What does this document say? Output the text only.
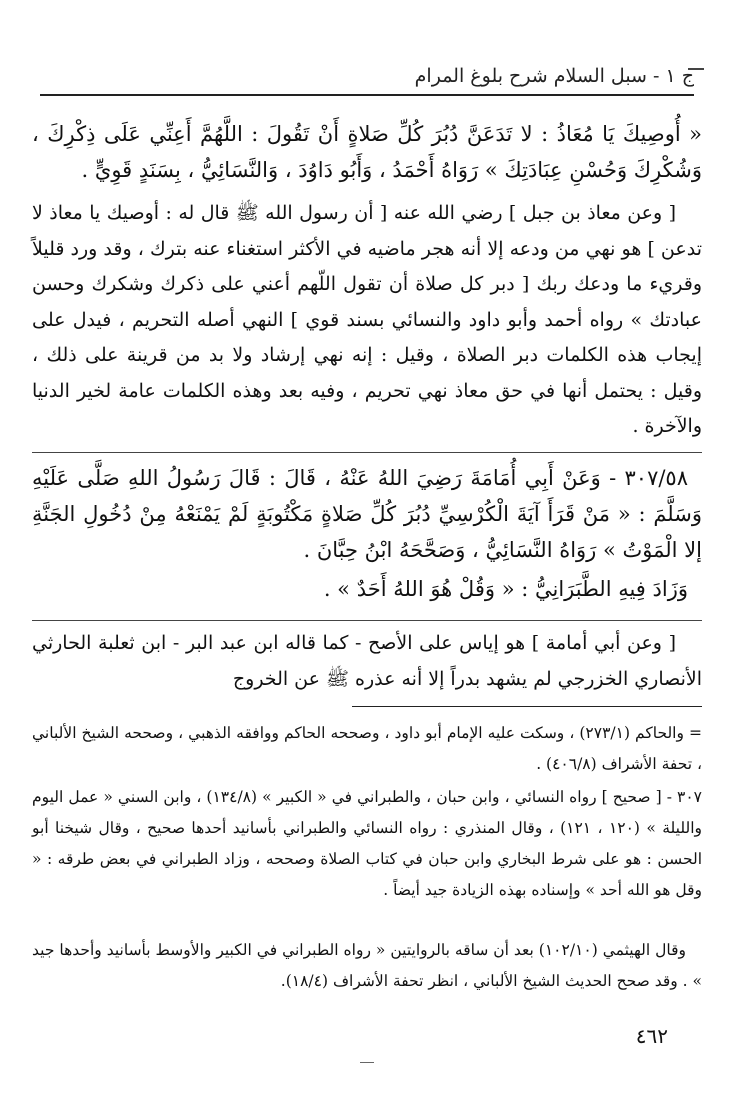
ج ١ - سبل السلام شرح بلوغ المرام

« أُوصِيكَ يَا مُعَاذُ : لا تَدَعَنَّ دُبُرَ كُلِّ صَلاةٍ أَنْ تَقُولَ : اللَّهُمَّ أَعِنِّي عَلَى ذِكْرِكَ ، وَشُكْرِكَ وَحُسْنِ عِبَادَتِكَ » رَوَاهُ أَحْمَدُ ، وَأَبُو دَاوُدَ ، وَالنَّسَائِيُّ ، بِسَنَدٍ قَوِيٍّ .

[ وعن معاذ بن جبل ] رضي الله عنه [ أن رسول الله ﷺ قال له : أوصيك يا معاذ لا تدعن ] هو نهي من ودعه إلا أنه هجر ماضيه في الأكثر استغناء عنه بترك ، وقد ورد قليلاً وقريء ما ودعك ربك [ دبر كل صلاة أن تقول اللّهم أعني على ذكرك وشكرك وحسن عبادتك » رواه أحمد وأبو داود والنسائي بسند قوي ] النهي أصله التحريم ، فيدل على إيجاب هذه الكلمات دبر الصلاة ، وقيل : إنه نهي إرشاد ولا بد من قرينة على ذلك ، وقيل : يحتمل أنها في حق معاذ نهي تحريم ، وفيه بعد وهذه الكلمات عامة لخير الدنيا والآخرة .

٣٠٧/٥٨ - وَعَنْ أَبِي أُمَامَةَ رَضِيَ اللهُ عَنْهُ ، قَالَ : قَالَ رَسُولُ اللهِ صَلَّى عَلَيْهِ وَسَلَّمَ : « مَنْ قَرَأَ آيَةَ الْكُرْسِيِّ دُبُرَ كُلِّ صَلاةٍ مَكْتُوبَةٍ لَمْ يَمْنَعْهُ مِنْ دُخُولِ الجَنَّةِ إلا الْمَوْتُ » رَوَاهُ النَّسَائِيُّ ، وَصَحَّحَهُ ابْنُ حِبَّانَ .

وَزَادَ فِيهِ الطَّبَرَانِيُّ : « وَقُلْ هُوَ اللهُ أَحَدٌ » .

[ وعن أبي أمامة ] هو إياس على الأصح - كما قاله ابن عبد البر - ابن ثعلبة الحارثي الأنصاري الخزرجي لم يشهد بدراً إلا أنه عذره ﷺ عن الخروج

= والحاكم (٢٧٣/١) ، وسكت عليه الإمام أبو داود ، وصححه الحاكم ووافقه الذهبي ، وصححه الشيخ الألباني ، تحفة الأشراف (٤٠٦/٨) .

٣٠٧ - [ صحيح ] رواه النسائي ، وابن حبان ، والطبراني في « الكبير » (١٣٤/٨) ، وابن السني « عمل اليوم والليلة » (١٢٠ ، ١٢١) ، وقال المنذري : رواه النسائي والطبراني بأسانيد أحدها صحيح ، وقال شيخنا أبو الحسن : هو على شرط البخاري وابن حبان في كتاب الصلاة وصححه ، وزاد الطبراني في بعض طرقه : « وقل هو الله أحد » وإسناده بهذه الزيادة جيد أيضاً .

وقال الهيثمي (١٠٢/١٠) بعد أن ساقه بالروايتين « رواه الطبراني في الكبير والأوسط بأسانيد وأحدها جيد » . وقد صحح الحديث الشيخ الألباني ، انظر تحفة الأشراف (١٨/٤).

٤٦٢
